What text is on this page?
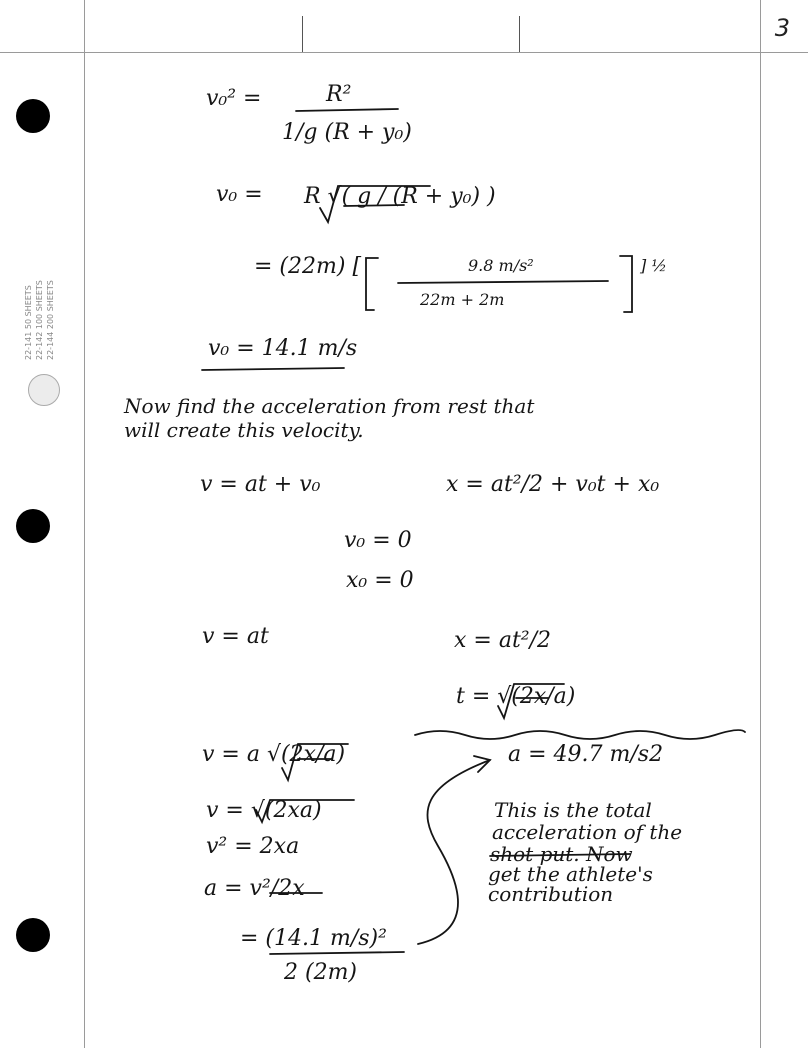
3
22-141 50 SHEETS 22-142 100 SHEETS 22-144 200 SHEETS
v₀² =	R²
1/g (R + y₀)
v₀ = R √( g / (R + y₀) )
= (22m) [	9.8 m/s²
22m + 2m
] ½
v₀ = 14.1 m/s
Now find the acceleration from rest that
will create this velocity.
v = at + v₀	x = at²/2 + v₀t + x₀
v₀ = 0
x₀ = 0
v = at	x = at²/2
t = √(2x/a)
v = a √(2x/a)	a = 49.7 m/s2
v = √(2xa)
v² = 2xa
a = v²/2x
= (14.1 m/s)²
2 (2m)
This is the total
acceleration of the
shot put. Now
get the athlete's
contribution
